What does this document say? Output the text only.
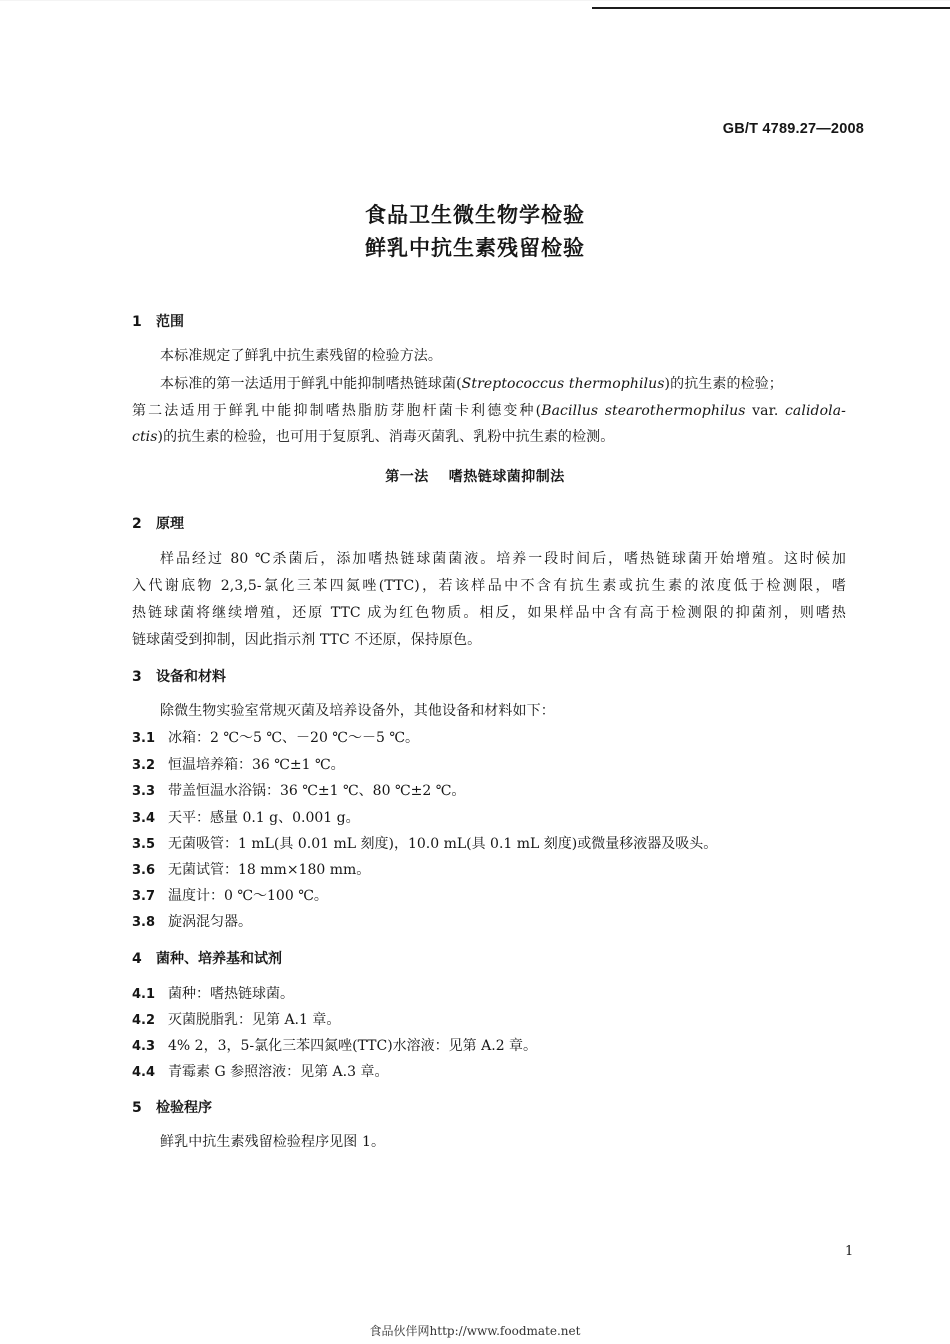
GB/T 4789.27—2008
食品卫生微生物学检验
鲜乳中抗生素残留检验
1 范围
本标准规定了鲜乳中抗生素残留的检验方法。
本标准的第一法适用于鲜乳中能抑制嗜热链球菌(Streptococcus thermophilus)的抗生素的检验；
第二法适用于鲜乳中能抑制嗜热脂肪芽胞杆菌卡利德变种(Bacillus stearothermophilus var. calidola-
ctis)的抗生素的检验，也可用于复原乳、消毒灭菌乳、乳粉中抗生素的检测。
第一法 嗜热链球菌抑制法
2 原理
样品经过 80 ℃杀菌后，添加嗜热链球菌菌液。培养一段时间后，嗜热链球菌开始增殖。这时候加
入代谢底物 2,3,5-氯化三苯四氮唑(TTC)，若该样品中不含有抗生素或抗生素的浓度低于检测限，嗜
热链球菌将继续增殖，还原 TTC 成为红色物质。相反，如果样品中含有高于检测限的抑菌剂，则嗜热
链球菌受到抑制，因此指示剂 TTC 不还原，保持原色。
3 设备和材料
除微生物实验室常规灭菌及培养设备外，其他设备和材料如下：
3.1 冰箱：2 ℃～5 ℃、－20 ℃～－5 ℃。
3.2 恒温培养箱：36 ℃±1 ℃。
3.3 带盖恒温水浴锅：36 ℃±1 ℃、80 ℃±2 ℃。
3.4 天平：感量 0.1 g、0.001 g。
3.5 无菌吸管：1 mL(具 0.01 mL 刻度)，10.0 mL(具 0.1 mL 刻度)或微量移液器及吸头。
3.6 无菌试管：18 mm×180 mm。
3.7 温度计：0 ℃～100 ℃。
3.8 旋涡混匀器。
4 菌种、培养基和试剂
4.1 菌种：嗜热链球菌。
4.2 灭菌脱脂乳：见第 A.1 章。
4.3 4% 2，3，5-氯化三苯四氮唑(TTC)水溶液：见第 A.2 章。
4.4 青霉素 G 参照溶液：见第 A.3 章。
5 检验程序
鲜乳中抗生素残留检验程序见图 1。
1
食品伙伴网http://www.foodmate.net
